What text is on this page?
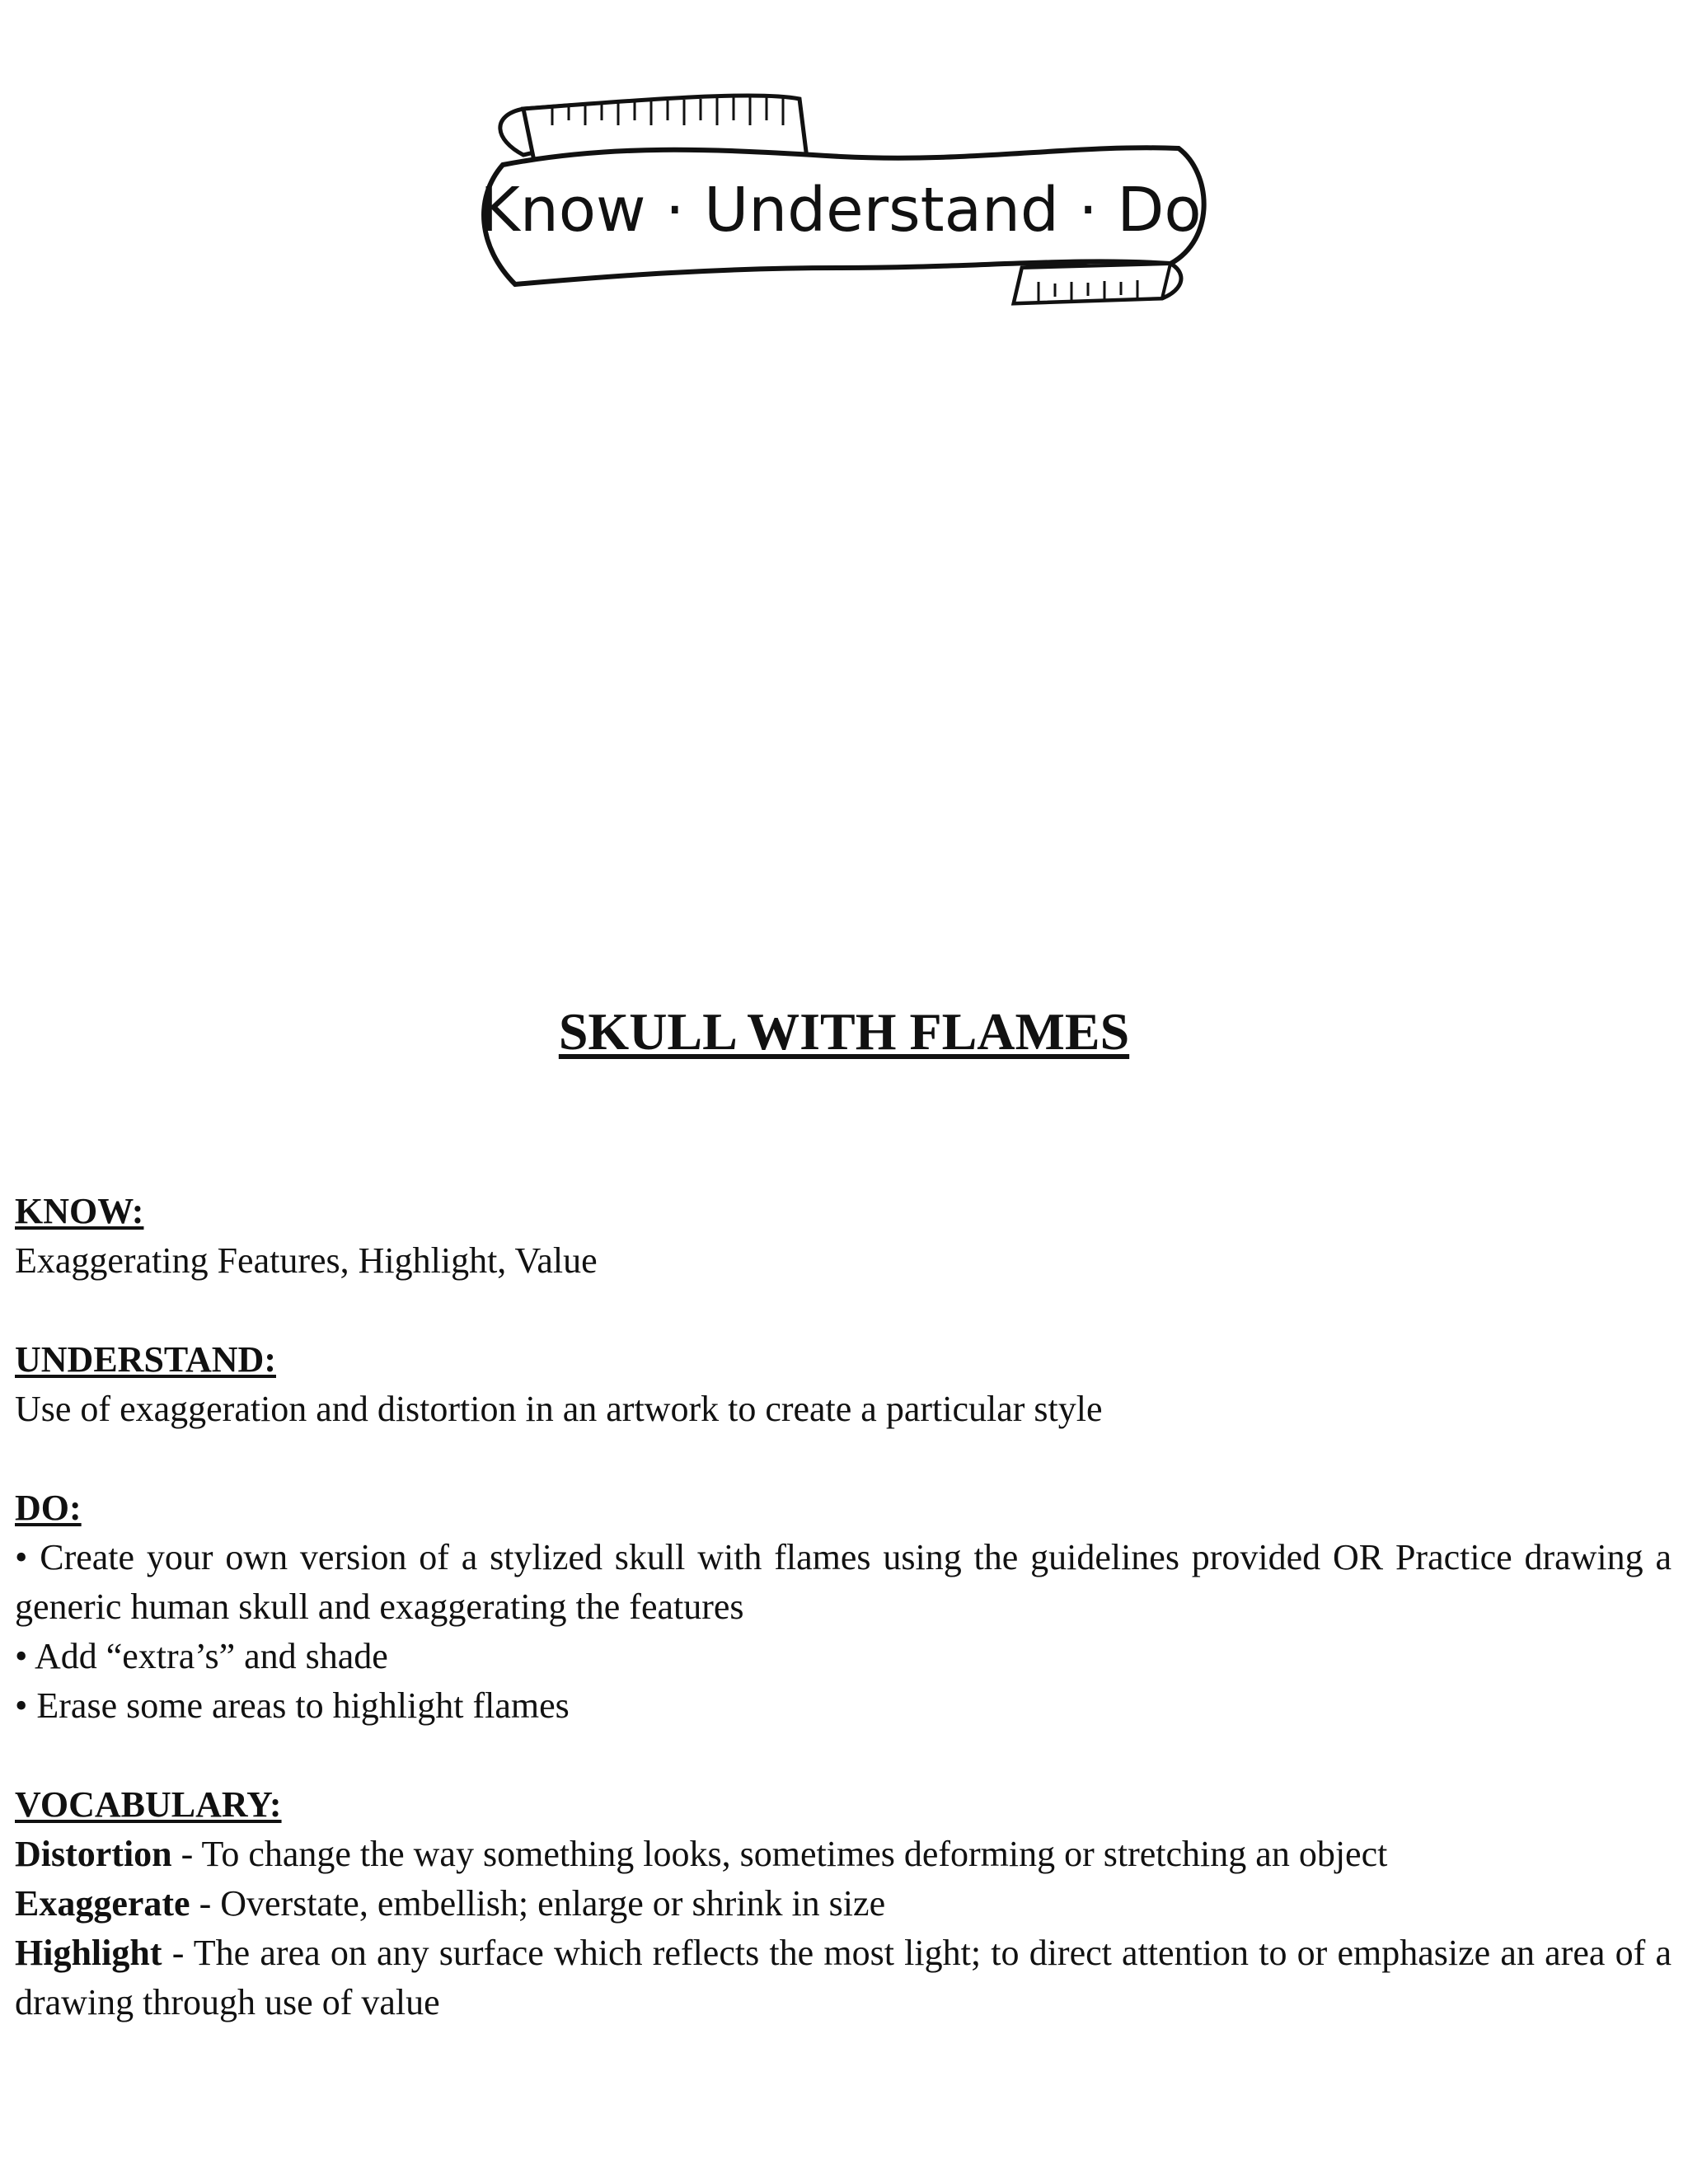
Know · Understand · Do
SKULL WITH FLAMES
KNOW:
Exaggerating Features, Highlight, Value
UNDERSTAND:
Use of exaggeration and distortion in an artwork to create a particular style
DO:
• Create your own version of a stylized skull with flames using the guidelines provided OR Practice drawing a generic human skull and exaggerating the features
• Add “extra’s” and shade
• Erase some areas to highlight flames
VOCABULARY:
Distortion - To change the way something looks, sometimes deforming or stretching an object
Exaggerate - Overstate, embellish; enlarge or shrink in size
Highlight - The area on any surface which reflects the most light; to direct attention to or emphasize an area of a drawing through use of value
